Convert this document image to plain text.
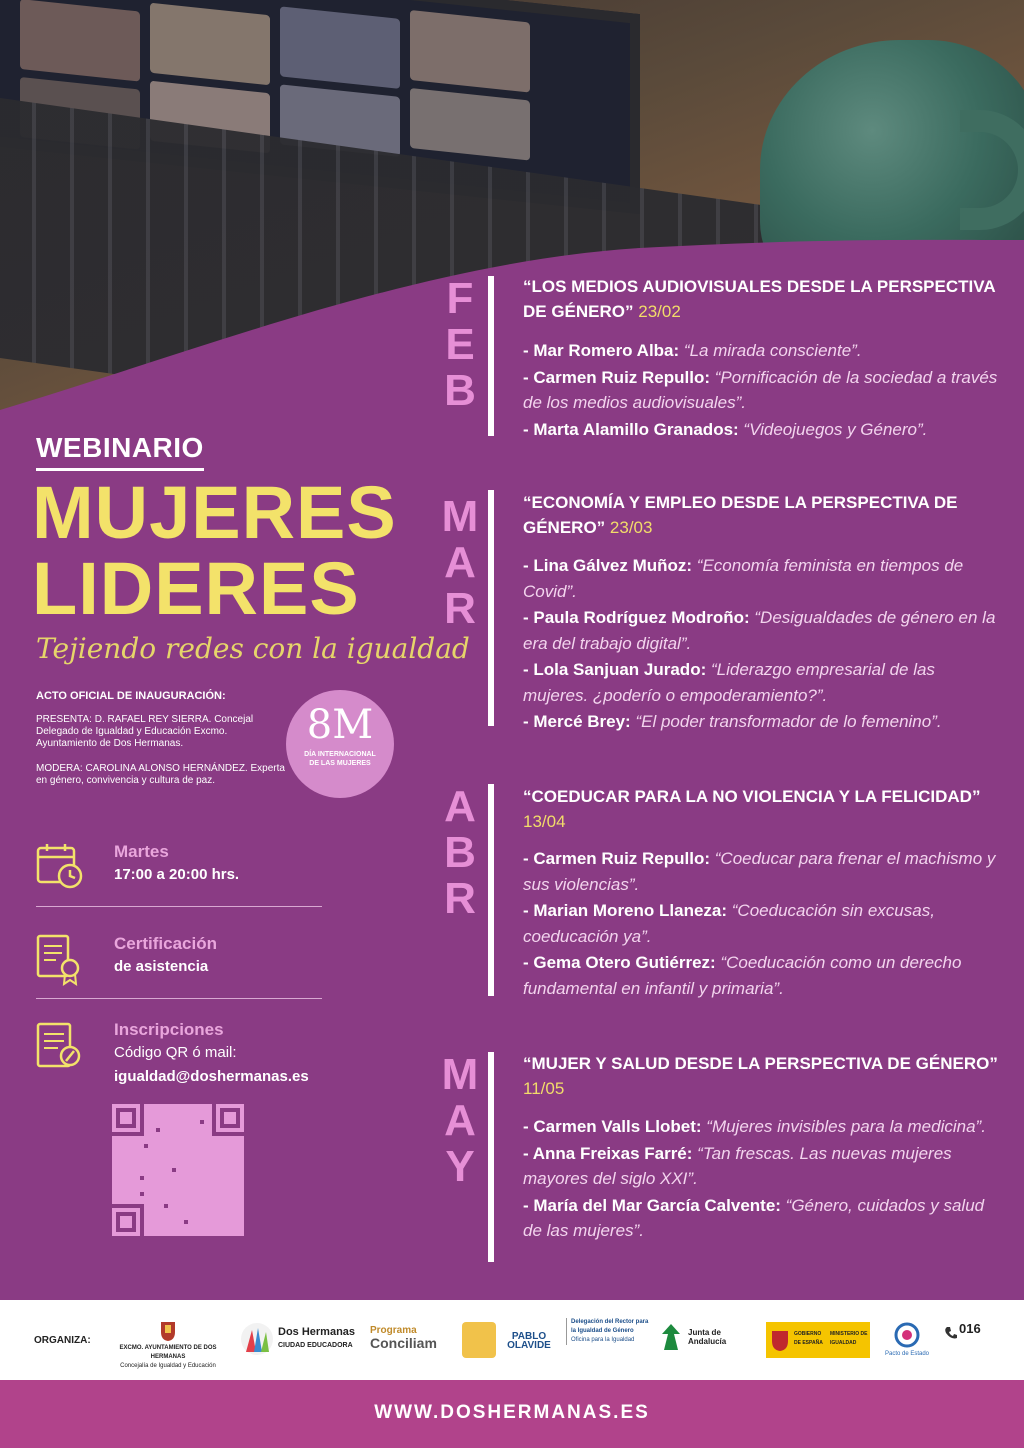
WEBINARIO
MUJERES
LIDERES
Tejiendo redes con la igualdad
ACTO OFICIAL DE INAUGURACIÓN:
PRESENTA: D. RAFAEL REY SIERRA. Concejal Delegado de Igualdad y Educación Excmo. Ayuntamiento de Dos Hermanas.
MODERA: CAROLINA ALONSO HERNÁNDEZ. Experta en género, convivencia y cultura de paz.
8M
DÍA INTERNACIONAL
DE LAS MUJERES
Martes
17:00 a 20:00 hrs.
Certificación
de asistencia
Inscripciones
Código QR ó mail:
igualdad@doshermanas.es
F
E
B
“LOS MEDIOS AUDIOVISUALES DESDE LA PERSPECTIVA DE GÉNERO” 23/02

- Mar Romero Alba: “La mirada consciente”.

- Carmen Ruiz Repullo: “Pornificación de la sociedad a través de los medios audiovisuales”.

- Marta Alamillo Granados: “Videojuegos y Género”.

M
A
R
“ECONOMÍA Y EMPLEO DESDE LA PERSPECTIVA DE GÉNERO” 23/03

- Lina Gálvez Muñoz: “Economía feminista en tiempos de Covid”.

- Paula Rodríguez Modroño: “Desigualdades de género en la era del trabajo digital”.

- Lola Sanjuan Jurado: “Liderazgo empresarial de las mujeres. ¿poderío o empoderamiento?”.

- Mercé Brey: “El poder transformador de lo femenino”.

A
B
R
“COEDUCAR PARA LA NO VIOLENCIA Y LA FELICIDAD” 13/04

- Carmen Ruiz Repullo: “Coeducar para frenar el machismo y sus violencias”.

- Marian Moreno Llaneza: “Coeducación sin excusas, coeducación ya”.

- Gema Otero Gutiérrez: “Coeducación como un derecho fundamental en infantil y primaria”.

M
A
Y
“MUJER Y SALUD DESDE LA PERSPECTIVA DE GÉNERO” 11/05

- Carmen Valls Llobet: “Mujeres invisibles para la medicina”.

- Anna Freixas Farré: “Tan frescas. Las nuevas mujeres mayores del siglo XXI”.

- María del Mar García Calvente: “Género, cuidados y salud de las mujeres”.

ORGANIZA:
EXCMO. AYUNTAMIENTO DE DOS HERMANAS
Concejalía de Igualdad y Educación
Dos Hermanas
CIUDAD EDUCADORA
Programa
Conciliam	PABLO OLAVIDE
Delegación del Rector para la Igualdad de Género
Oficina para la Igualdad
Junta de Andalucía
GOBIERNO DE ESPAÑA
MINISTERIO DE IGUALDAD
Pacto de Estado
016
WWW.DOSHERMANAS.ES
